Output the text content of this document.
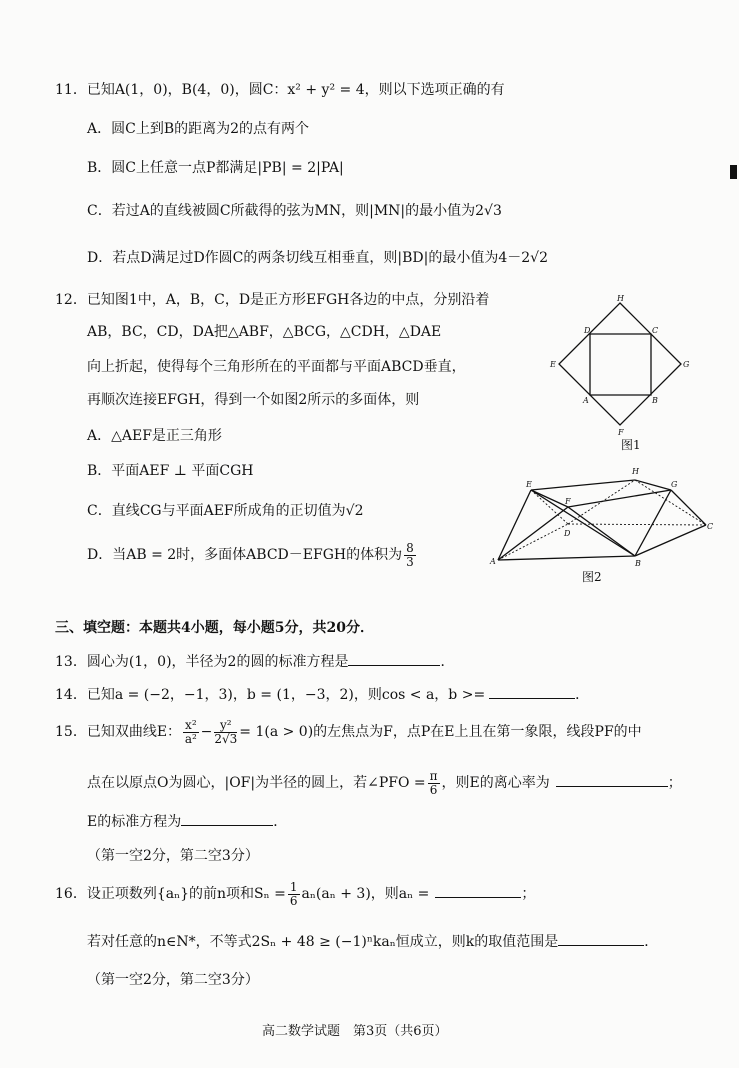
11．已知A(1，0)，B(4，0)，圆C：x² + y² = 4，则以下选项正确的有
A．圆C上到B的距离为2的点有两个
B．圆C上任意一点P都满足|PB| = 2|PA|
C．若过A的直线被圆C所截得的弦为MN，则|MN|的最小值为2√3
D．若点D满足过D作圆C的两条切线互相垂直，则|BD|的最小值为4－2√2
12．已知图1中，A，B，C，D是正方形EFGH各边的中点，分别沿着
AB，BC，CD，DA把△ABF，△BCG，△CDH，△DAE
向上折起，使得每个三角形所在的平面都与平面ABCD垂直，
再顺次连接EFGH，得到一个如图2所示的多面体，则
A．△AEF是正三角形
B．平面AEF ⊥ 平面CGH
C．直线CG与平面AEF所成角的正切值为√2
D．当AB = 2时，多面体ABCD－EFGH的体积为 $\frac{8}{3}$
H
D	C
E	G
A	B
F
图1
E
F
H
G
D
C
A	B
图2
三、填空题：本题共4小题，每小题5分，共20分．
13．圆心为(1，0)，半径为2的圆的标准方程是	．
14．已知a = (−2，−1，3)，b = (1，−3，2)，则cos < a，b >=	．
15．已知双曲线E： $\frac{\text{x²}}{\text{a²}} - \frac{\text{y²}}{2√3} = 1(a > 0)$的左焦点为F，点P在E上且在第一象限，线段PF的中
点在以原点O为圆心，|OF|为半径的圆上，若∠PFO = $\frac{\pi}{6}$ ，则E的离心率为	；
E的标准方程为	．
（第一空2分，第二空3分）
16．设正项数列{aₙ}的前n项和$S_n = \frac{1}{6} a_n(a_n + 3)$，则aₙ =	；
若对任意的n∈N*，不等式2Sₙ + 48 ≥ (−1)ⁿkaₙ恒成立，则k的取值范围是	．
（第一空2分，第二空3分）
高二数学试题　第3页（共6页）
